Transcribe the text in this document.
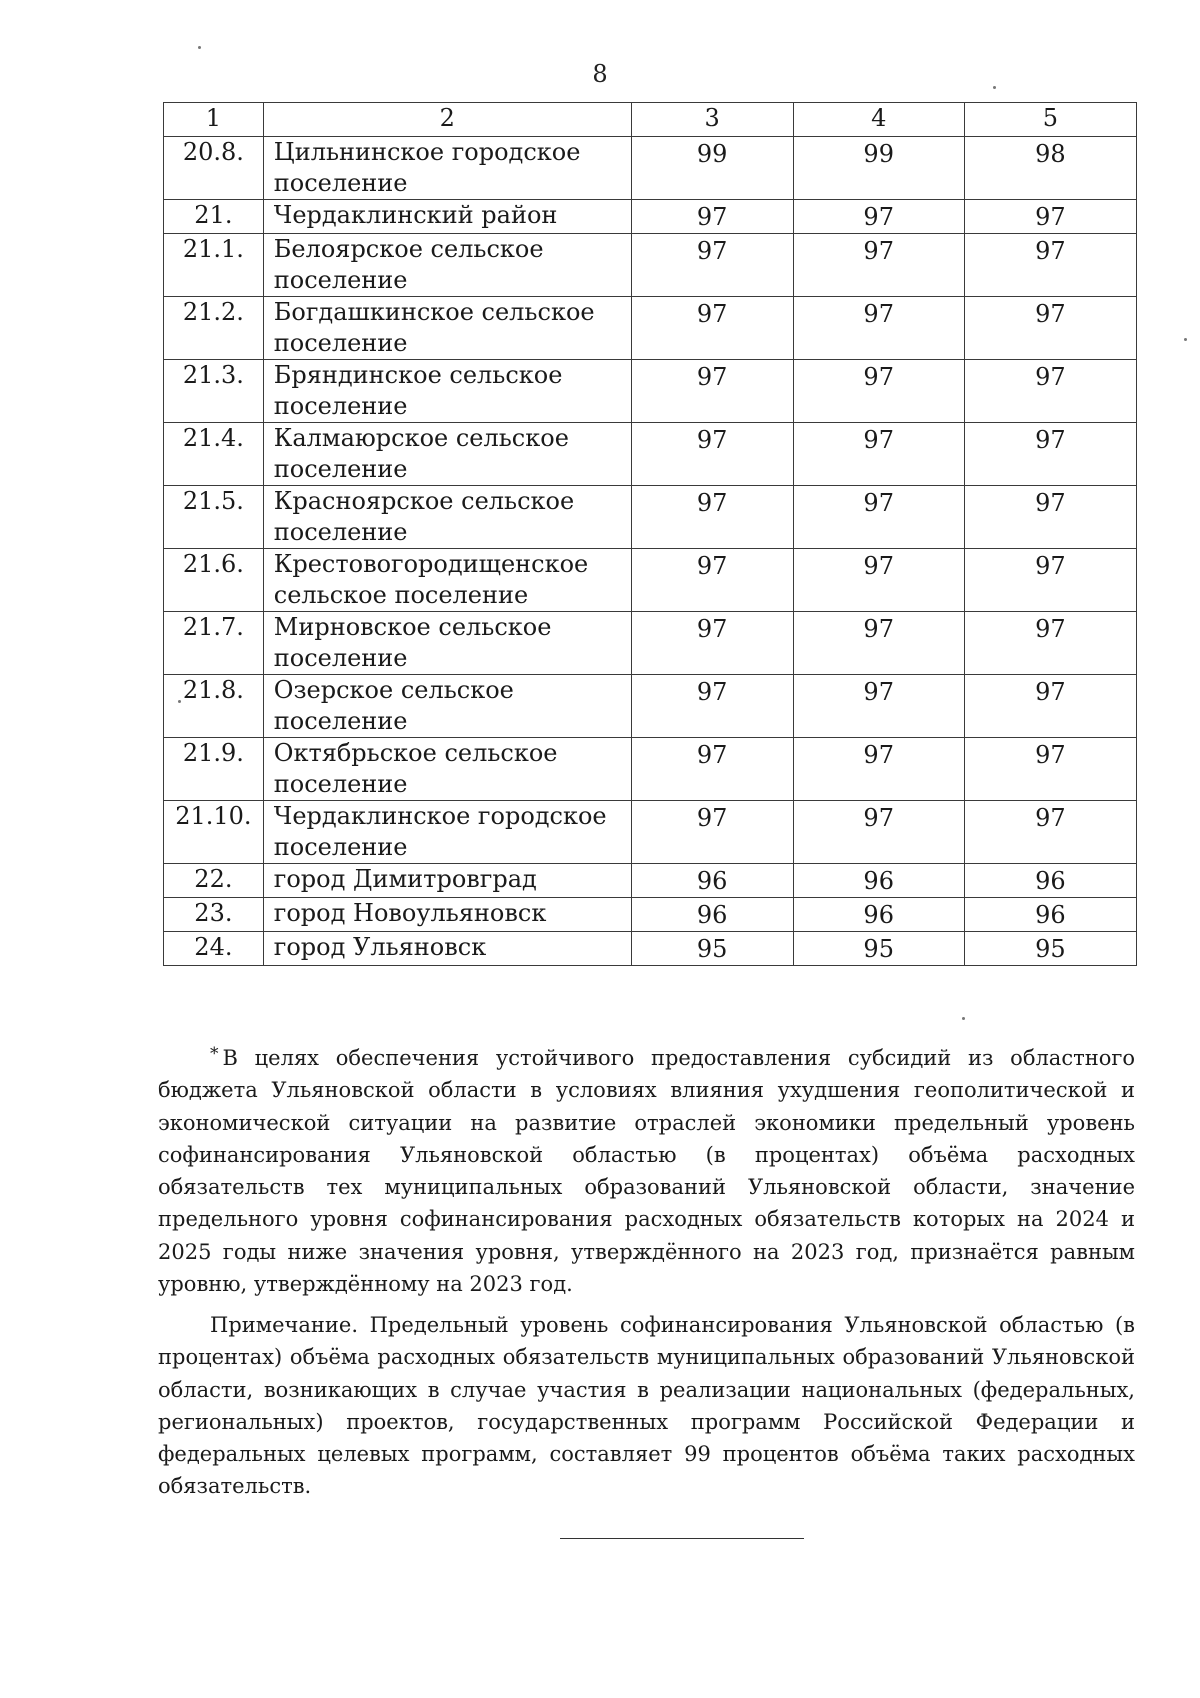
8
1	2	3	4	5
20.8.	Цильнинское городское поселение	99	99	98
21.	Чердаклинский район	97	97	97
21.1.	Белоярское сельское поселение	97	97	97
21.2.	Богдашкинское сельское поселение	97	97	97
21.3.	Бряндинское сельское поселение	97	97	97
21.4.	Калмаюрское сельское поселение	97	97	97
21.5.	Красноярское сельское поселение	97	97	97
21.6.	Крестовогородищенское сельское поселение	97	97	97
21.7.	Мирновское сельское поселение	97	97	97
21.8.	Озерское сельское поселение	97	97	97
21.9.	Октябрьское сельское поселение	97	97	97
21.10.	Чердаклинское городское поселение	97	97	97
22.	город Димитровград	96	96	96
23.	город Новоульяновск	96	96	96
24.	город Ульяновск	95	95	95

* В целях обеспечения устойчивого предоставления субсидий из областного бюджета Ульяновской области в условиях влияния ухудшения геополитической и экономической ситуации на развитие отраслей экономики предельный уровень софинансирования Ульяновской областью (в процентах) объёма расходных обязательств тех муниципальных образований Ульяновской области, значение предельного уровня софинансирования расходных обязательств которых на 2024 и 2025 годы ниже значения уровня, утверждённого на 2023 год, признаётся равным уровню, утверждённому на 2023 год.

Примечание. Предельный уровень софинансирования Ульяновской областью (в процентах) объёма расходных обязательств муниципальных образований Ульяновской области, возникающих в случае участия в реализации национальных (федеральных, региональных) проектов, государственных программ Российской Федерации и федеральных целевых программ, составляет 99 процентов объёма таких расходных обязательств.
